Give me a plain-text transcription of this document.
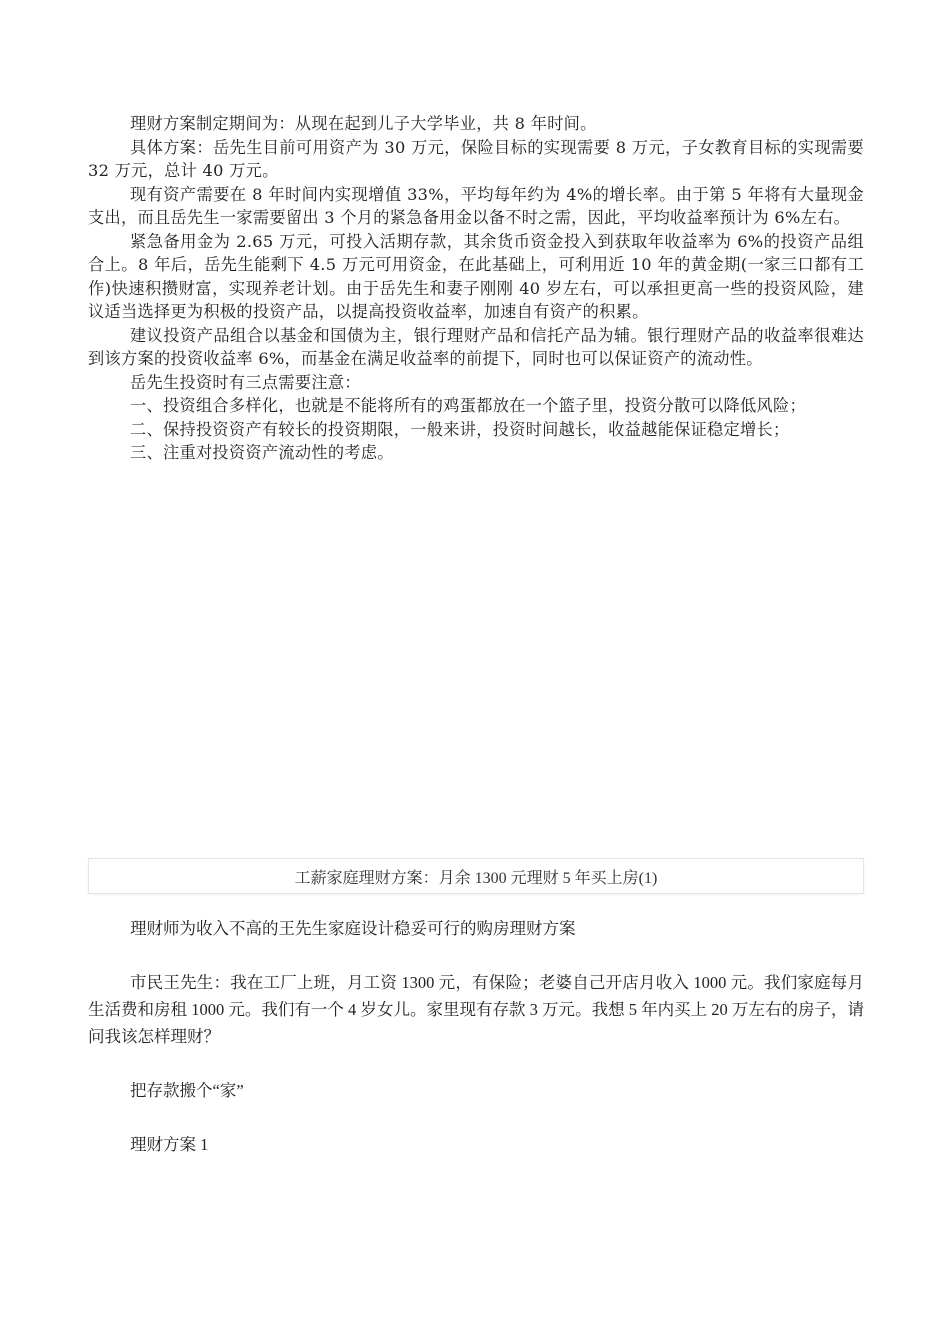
理财方案制定期间为：从现在起到儿子大学毕业，共 8 年时间。

具体方案：岳先生目前可用资产为 30 万元，保险目标的实现需要 8 万元，子女教育目标的实现需要 32 万元，总计 40 万元。

现有资产需要在 8 年时间内实现增值 33%，平均每年约为 4%的增长率。由于第 5 年将有大量现金支出，而且岳先生一家需要留出 3 个月的紧急备用金以备不时之需，因此，平均收益率预计为 6%左右。

紧急备用金为 2.65 万元，可投入活期存款，其余货币资金投入到获取年收益率为 6%的投资产品组合上。8 年后，岳先生能剩下 4.5 万元可用资金，在此基础上，可利用近 10 年的黄金期(一家三口都有工作)快速积攒财富，实现养老计划。由于岳先生和妻子刚刚 40 岁左右，可以承担更高一些的投资风险，建议适当选择更为积极的投资产品，以提高投资收益率，加速自有资产的积累。

建议投资产品组合以基金和国债为主，银行理财产品和信托产品为辅。银行理财产品的收益率很难达到该方案的投资收益率 6%，而基金在满足收益率的前提下，同时也可以保证资产的流动性。

岳先生投资时有三点需要注意：

一、投资组合多样化，也就是不能将所有的鸡蛋都放在一个篮子里，投资分散可以降低风险；

二、保持投资资产有较长的投资期限，一般来讲，投资时间越长，收益越能保证稳定增长；

三、注重对投资资产流动性的考虑。

工薪家庭理财方案：月余 1300 元理财 5 年买上房(1)

理财师为收入不高的王先生家庭设计稳妥可行的购房理财方案

市民王先生：我在工厂上班，月工资 1300 元，有保险；老婆自己开店月收入 1000 元。我们家庭每月生活费和房租 1000 元。我们有一个 4 岁女儿。家里现有存款 3 万元。我想 5 年内买上 20 万左右的房子，请问我该怎样理财？

把存款搬个“家”

理财方案 1
